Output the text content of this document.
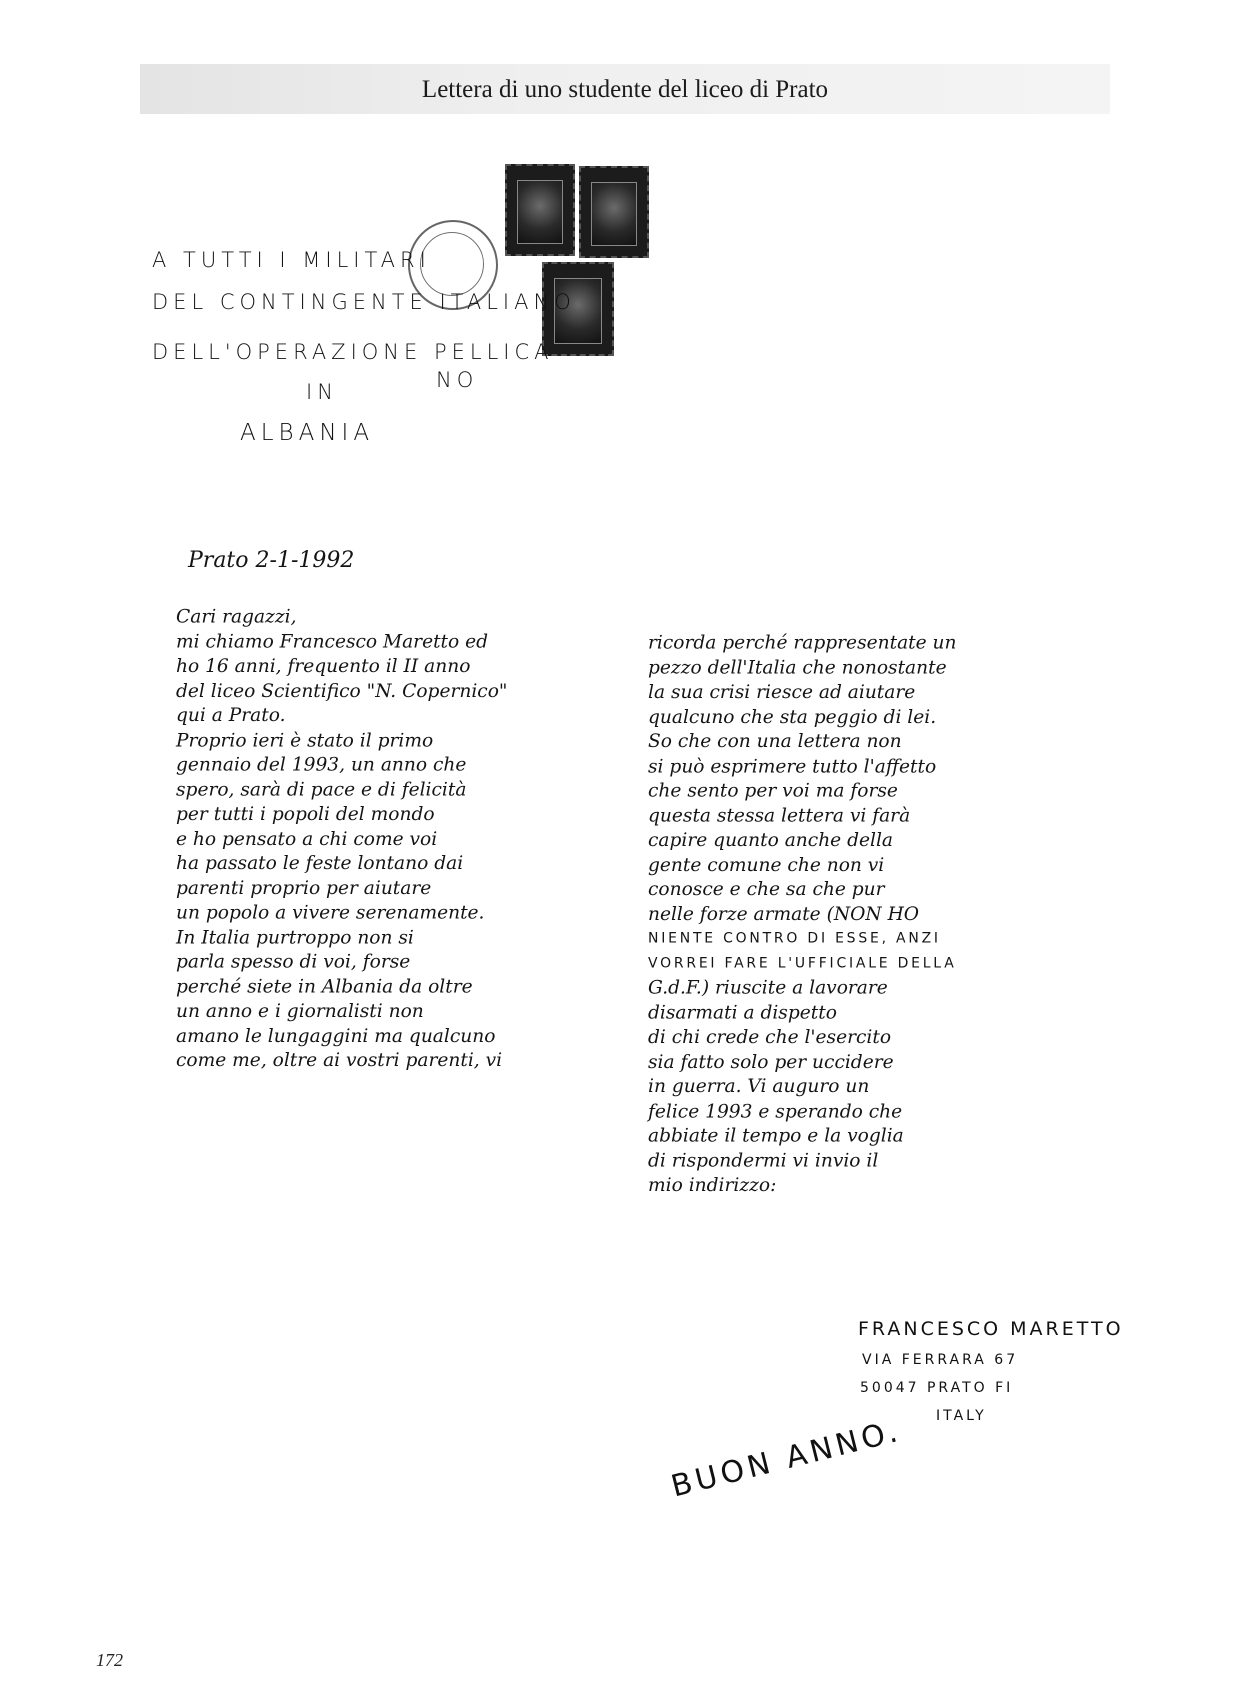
Lettera di uno studente del liceo di Prato
A TUTTI I MILITARI
DEL CONTINGENTE ITALIANO
DELL'OPERAZIONE PELLICA
NO
IN
ALBANIA
Prato 2-1-1992
Cari ragazzi,
mi chiamo Francesco Maretto ed
ho 16 anni, frequento il II anno
del liceo Scientifico "N. Copernico"
qui a Prato.
Proprio ieri è stato il primo
gennaio del 1993, un anno che
spero, sarà di pace e di felicità
per tutti i popoli del mondo
e ho pensato a chi come voi
ha passato le feste lontano dai
parenti proprio per aiutare
un popolo a vivere serenamente.
In Italia purtroppo non si
parla spesso di voi, forse
perché siete in Albania da oltre
un anno e i giornalisti non
amano le lungaggini ma qualcuno
come me, oltre ai vostri parenti, vi
ricorda perché rappresentate un
pezzo dell'Italia che nonostante
la sua crisi riesce ad aiutare
qualcuno che sta peggio di lei.
So che con una lettera non
si può esprimere tutto l'affetto
che sento per voi ma forse
questa stessa lettera vi farà
capire quanto anche della
gente comune che non vi
conosce e che sa che pur
nelle forze armate (NON HO
NIENTE CONTRO DI ESSE, ANZI
VORREI FARE L'UFFICIALE DELLA
G.d.F.) riuscite a lavorare
disarmati a dispetto
di chi crede che l'esercito
sia fatto solo per uccidere
in guerra. Vi auguro un
felice 1993 e sperando che
abbiate il tempo e la voglia
di rispondermi vi invio il
mio indirizzo:
FRANCESCO MARETTO
VIA FERRARA 67
50047 PRATO FI
ITALY
BUON ANNO.
172
